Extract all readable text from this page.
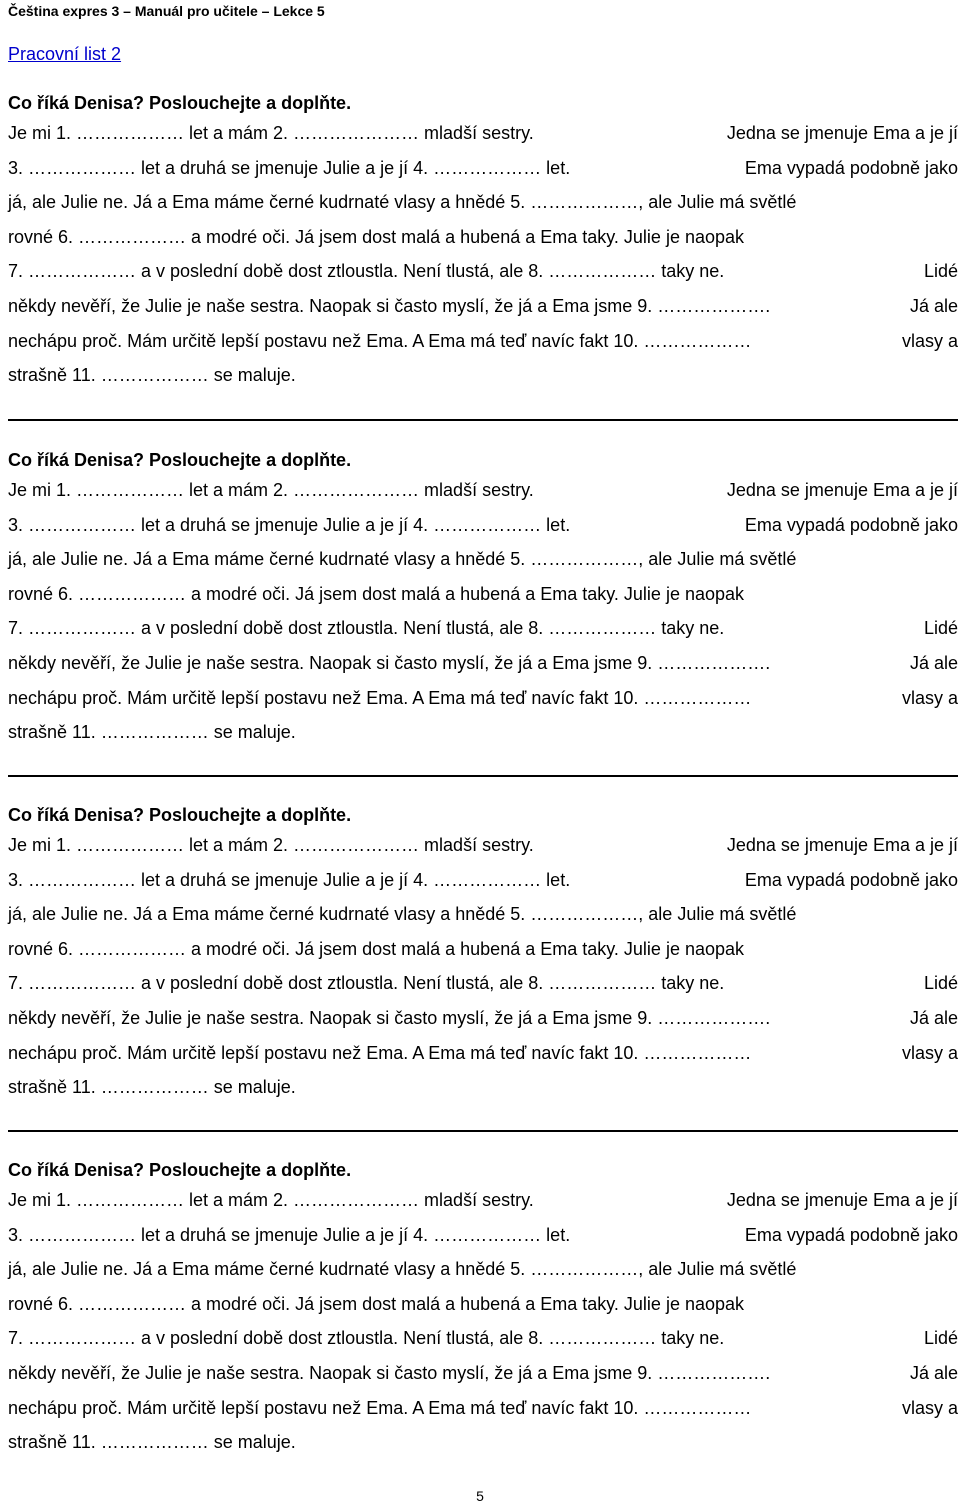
Čeština expres 3 – Manuál pro učitele – Lekce 5
Pracovní list 2
Co říká Denisa? Poslouchejte a doplňte.
Je mi 1. ……………… let a mám 2. ………………… mladší sestry.	Jedna se jmenuje Ema a je jí
3. ……………… let a druhá se jmenuje Julie a je jí 4. ……………… let.	Ema vypadá podobně jako
já, ale Julie ne. Já a Ema máme černé kudrnaté vlasy a hnědé 5. ………………, ale Julie má světlé
rovné 6. ……………… a modré oči. Já jsem dost malá a hubená a Ema taky. Julie je naopak
7. ……………… a v poslední době dost ztloustla. Není tlustá, ale 8. ……………… taky ne.	Lidé
někdy nevěří, že Julie je naše sestra. Naopak si často myslí, že já a Ema jsme 9. ……………….	Já ale
nechápu proč. Mám určitě lepší postavu než Ema. A Ema má teď navíc fakt 10. ………………	vlasy a
strašně 11. ……………… se maluje.
Co říká Denisa? Poslouchejte a doplňte.
Je mi 1. ……………… let a mám 2. ………………… mladší sestry.	Jedna se jmenuje Ema a je jí
3. ……………… let a druhá se jmenuje Julie a je jí 4. ……………… let.	Ema vypadá podobně jako
já, ale Julie ne. Já a Ema máme černé kudrnaté vlasy a hnědé 5. ………………, ale Julie má světlé
rovné 6. ……………… a modré oči. Já jsem dost malá a hubená a Ema taky. Julie je naopak
7. ……………… a v poslední době dost ztloustla. Není tlustá, ale 8. ……………… taky ne.	Lidé
někdy nevěří, že Julie je naše sestra. Naopak si často myslí, že já a Ema jsme 9. ……………….	Já ale
nechápu proč. Mám určitě lepší postavu než Ema. A Ema má teď navíc fakt 10. ………………	vlasy a
strašně 11. ……………… se maluje.
Co říká Denisa? Poslouchejte a doplňte.
Je mi 1. ……………… let a mám 2. ………………… mladší sestry.	Jedna se jmenuje Ema a je jí
3. ……………… let a druhá se jmenuje Julie a je jí 4. ……………… let.	Ema vypadá podobně jako
já, ale Julie ne. Já a Ema máme černé kudrnaté vlasy a hnědé 5. ………………, ale Julie má světlé
rovné 6. ……………… a modré oči. Já jsem dost malá a hubená a Ema taky. Julie je naopak
7. ……………… a v poslední době dost ztloustla. Není tlustá, ale 8. ……………… taky ne.	Lidé
někdy nevěří, že Julie je naše sestra. Naopak si často myslí, že já a Ema jsme 9. ……………….	Já ale
nechápu proč. Mám určitě lepší postavu než Ema. A Ema má teď navíc fakt 10. ………………	vlasy a
strašně 11. ……………… se maluje.
Co říká Denisa? Poslouchejte a doplňte.
Je mi 1. ……………… let a mám 2. ………………… mladší sestry.	Jedna se jmenuje Ema a je jí
3. ……………… let a druhá se jmenuje Julie a je jí 4. ……………… let.	Ema vypadá podobně jako
já, ale Julie ne. Já a Ema máme černé kudrnaté vlasy a hnědé 5. ………………, ale Julie má světlé
rovné 6. ……………… a modré oči. Já jsem dost malá a hubená a Ema taky. Julie je naopak
7. ……………… a v poslední době dost ztloustla. Není tlustá, ale 8. ……………… taky ne.	Lidé
někdy nevěří, že Julie je naše sestra. Naopak si často myslí, že já a Ema jsme 9. ……………….	Já ale
nechápu proč. Mám určitě lepší postavu než Ema. A Ema má teď navíc fakt 10. ………………	vlasy a
strašně 11. ……………… se maluje.
5
